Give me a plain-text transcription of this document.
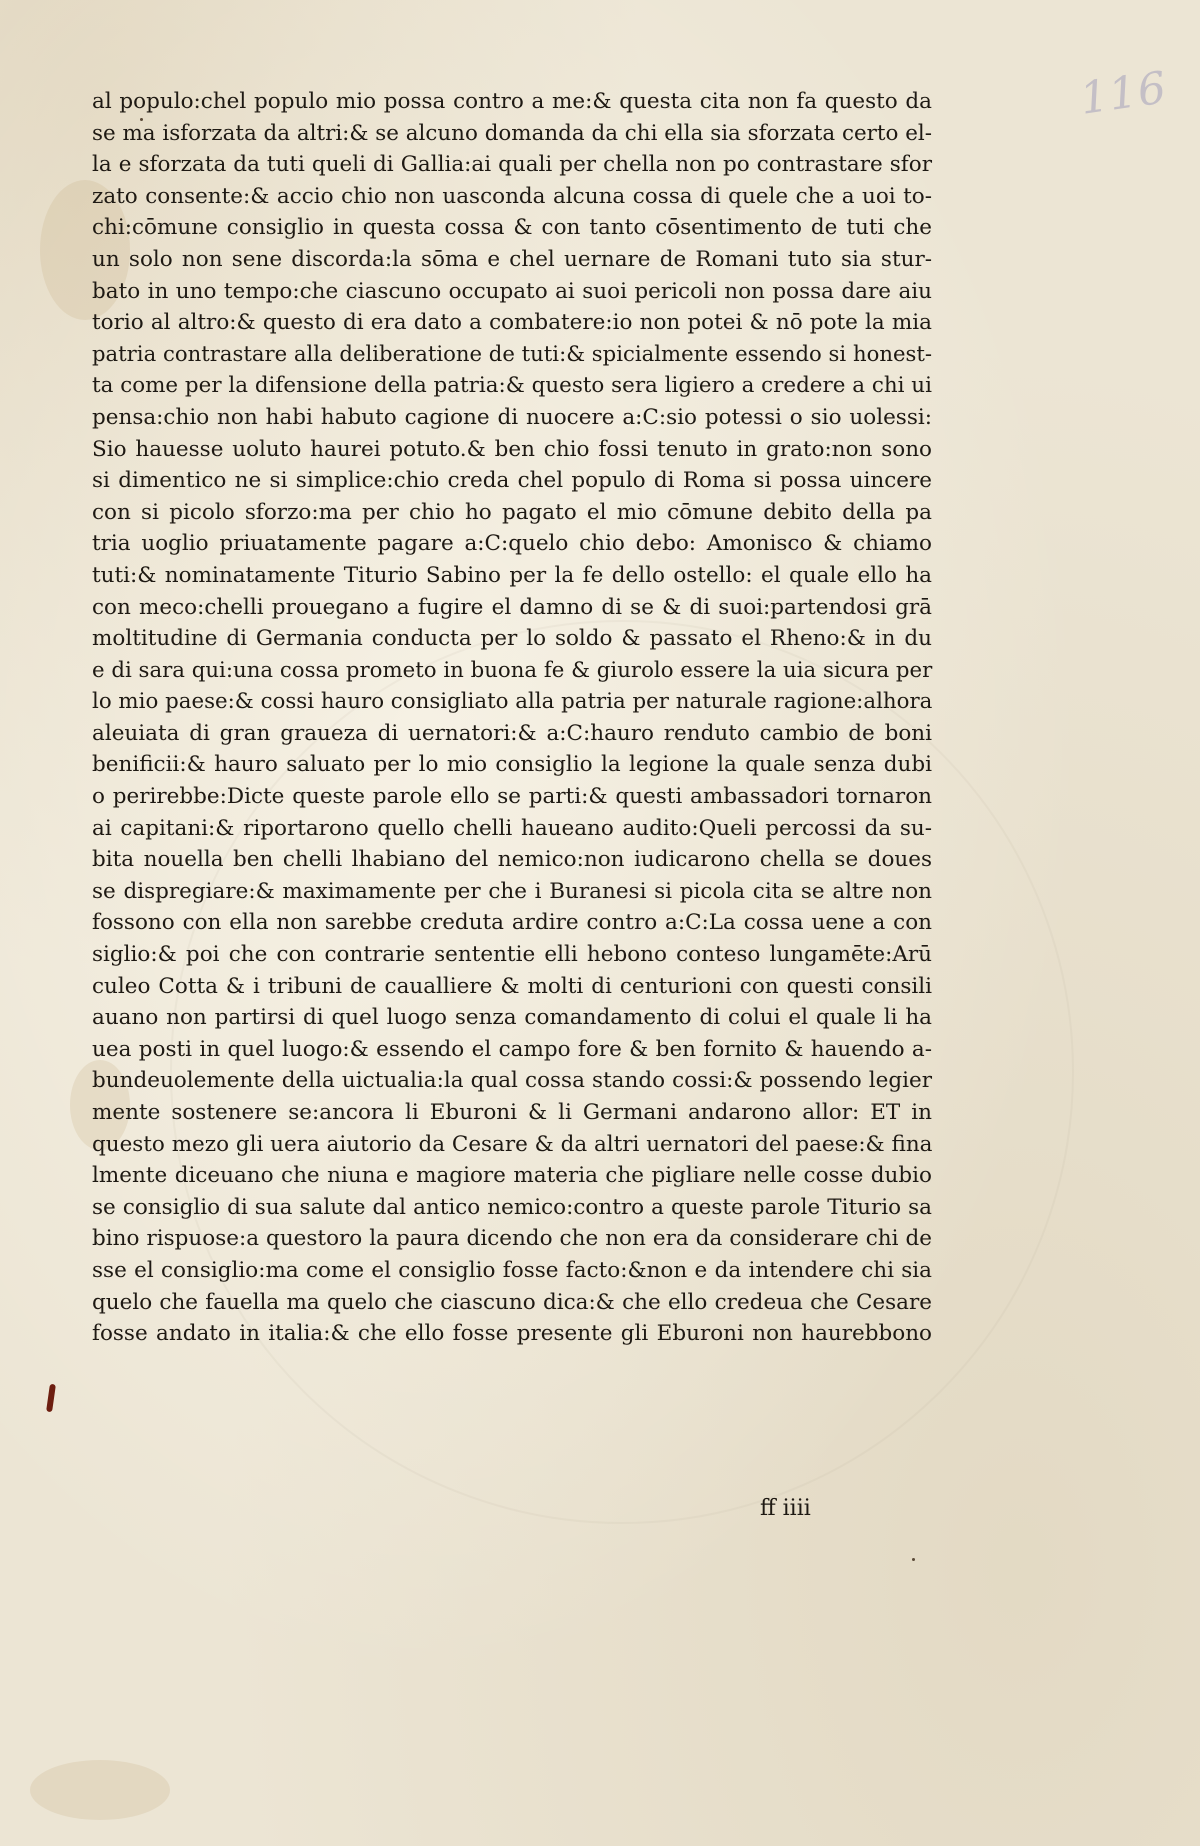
116
al populo:chel populo mio possa contro a me:& questa cita non fa questo da
se ma isforzata da altri:& se alcuno domanda da chi ella sia sforzata certo el-
la e sforzata da tuti queli di Gallia:ai quali per chella non po contrastare sfor
zato consente:& accio chio non uasconda alcuna cossa di quele che a uoi to-
chi:cōmune consiglio in questa cossa & con tanto cōsentimento de tuti che
un solo non sene discorda:la sōma e chel uernare de Romani tuto sia stur-
bato in uno tempo:che ciascuno occupato ai suoi pericoli non possa dare aiu
torio al altro:& questo di era dato a combatere:io non potei & nō pote la mia
patria contrastare alla deliberatione de tuti:& spicialmente essendo si honest-
ta come per la difensione della patria:& questo sera ligiero a credere a chi ui
pensa:chio non habi habuto cagione di nuocere a:C:sio potessi o sio uolessi:
Sio hauesse uoluto haurei potuto.& ben chio fossi tenuto in grato:non sono
si dimentico ne si simplice:chio creda chel populo di Roma si possa uincere
con si picolo sforzo:ma per chio ho pagato el mio cōmune debito della pa
tria uoglio priuatamente pagare a:C:quelo chio debo: Amonisco & chiamo
tuti:& nominatamente Titurio Sabino per la fe dello ostello: el quale ello ha
con meco:chelli prouegano a fugire el damno di se & di suoi:partendosi grā
moltitudine di Germania conducta per lo soldo & passato el Rheno:& in du
e di sara qui:una cossa prometo in buona fe & giurolo essere la uia sicura per
lo mio paese:& cossi hauro consigliato alla patria per naturale ragione:alhora
aleuiata di gran graueza di uernatori:& a:C:hauro renduto cambio de boni
benificii:& hauro saluato per lo mio consiglio la legione la quale senza dubi
o perirebbe:Dicte queste parole ello se parti:& questi ambassadori tornaron
ai capitani:& riportarono quello chelli haueano audito:Queli percossi da su-
bita nouella ben chelli lhabiano del nemico:non iudicarono chella se doues
se dispregiare:& maximamente per che i Buranesi si picola cita se altre non
fossono con ella non sarebbe creduta ardire contro a:C:La cossa uene a con
siglio:& poi che con contrarie sententie elli hebono conteso lungamēte:Arū
culeo Cotta & i tribuni de caualliere & molti di centurioni con questi consili
auano non partirsi di quel luogo senza comandamento di colui el quale li ha
uea posti in quel luogo:& essendo el campo fore & ben fornito & hauendo a-
bundeuolemente della uictualia:la qual cossa stando cossi:& possendo legier
mente sostenere se:ancora li Eburoni & li Germani andarono allor: ET in
questo mezo gli uera aiutorio da Cesare & da altri uernatori del paese:& fina
lmente diceuano che niuna e magiore materia che pigliare nelle cosse dubio
se consiglio di sua salute dal antico nemico:contro a queste parole Titurio sa
bino rispuose:a questoro la paura dicendo che non era da considerare chi de
sse el consiglio:ma come el consiglio fosse facto:&non e da intendere chi sia
quelo che fauella ma quelo che ciascuno dica:& che ello credeua che Cesare
fosse andato in italia:& che ello fosse presente gli Eburoni non haurebbono
ff iiii
